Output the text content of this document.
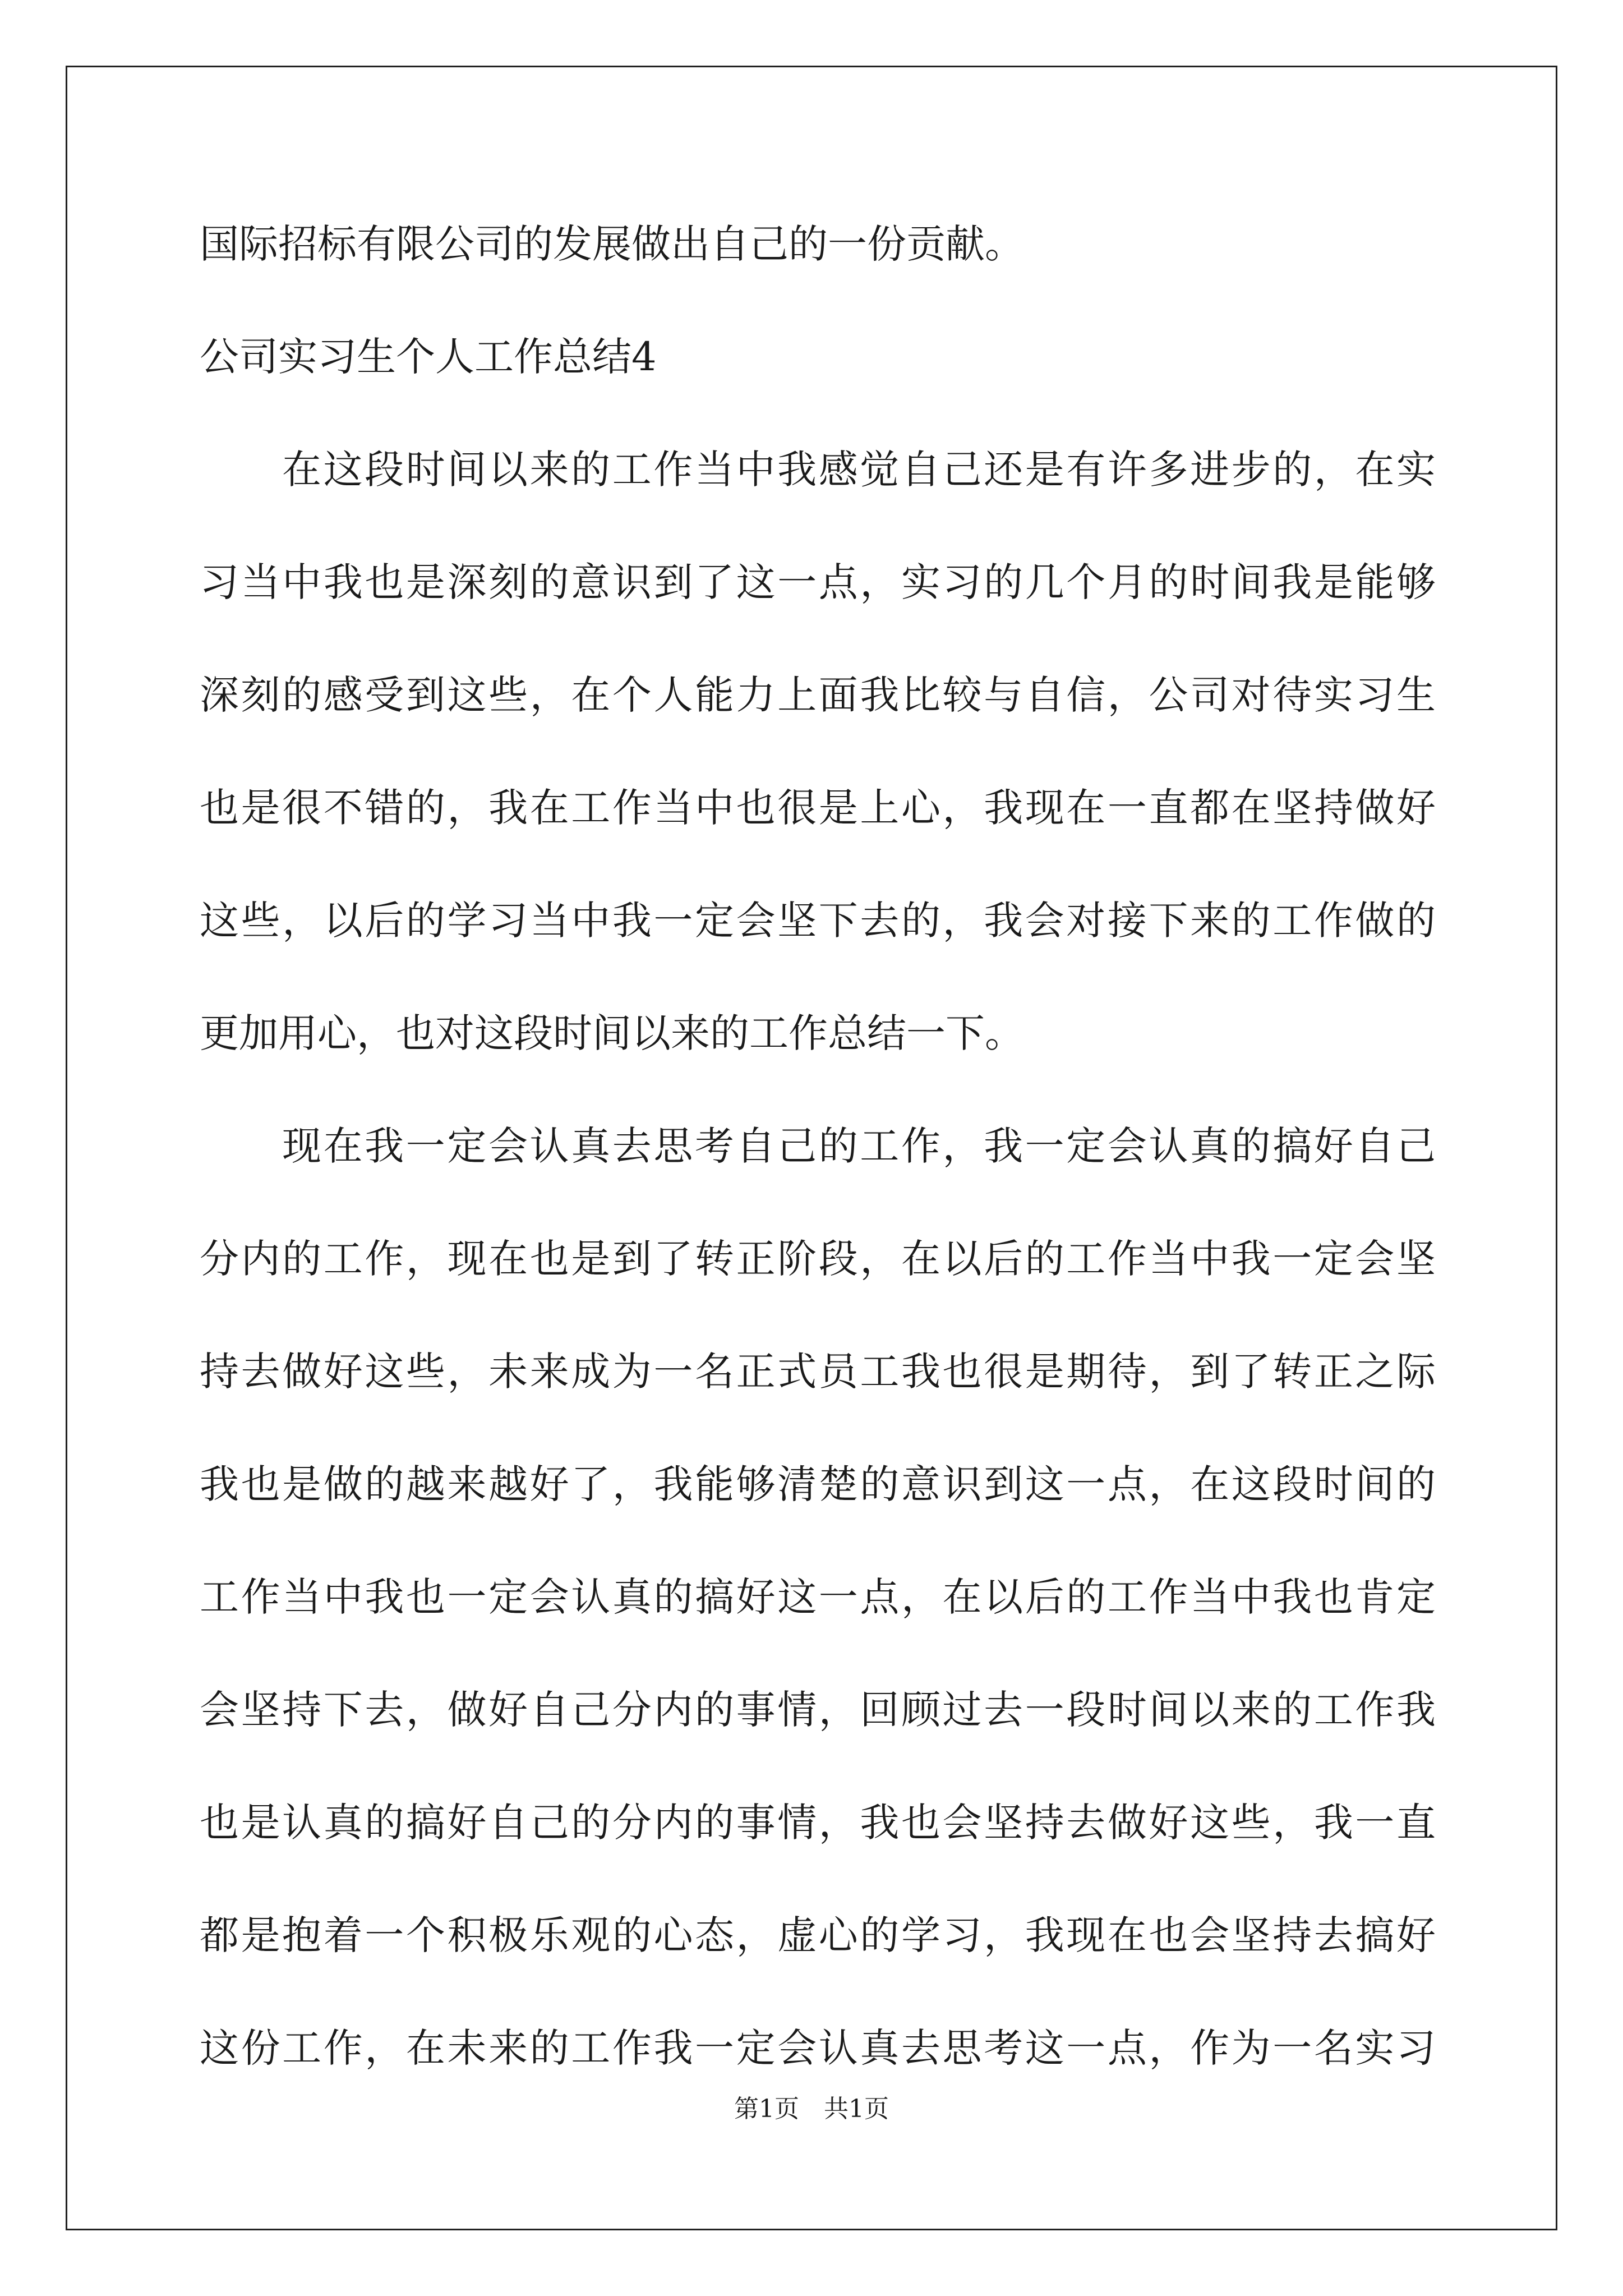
国际招标有限公司的发展做出自己的一份贡献。
公司实习生个人工作总结4
在这段时间以来的工作当中我感觉自己还是有许多进步的，在实
习当中我也是深刻的意识到了这一点，实习的几个月的时间我是能够
深刻的感受到这些，在个人能力上面我比较与自信，公司对待实习生
也是很不错的，我在工作当中也很是上心，我现在一直都在坚持做好
这些，以后的学习当中我一定会坚下去的，我会对接下来的工作做的
更加用心，也对这段时间以来的工作总结一下。
现在我一定会认真去思考自己的工作，我一定会认真的搞好自己
分内的工作，现在也是到了转正阶段，在以后的工作当中我一定会坚
持去做好这些，未来成为一名正式员工我也很是期待，到了转正之际
我也是做的越来越好了，我能够清楚的意识到这一点，在这段时间的
工作当中我也一定会认真的搞好这一点，在以后的工作当中我也肯定
会坚持下去，做好自己分内的事情，回顾过去一段时间以来的工作我
也是认真的搞好自己的分内的事情，我也会坚持去做好这些，我一直
都是抱着一个积极乐观的心态，虚心的学习，我现在也会坚持去搞好
这份工作，在未来的工作我一定会认真去思考这一点，作为一名实习
第1页　共1页
